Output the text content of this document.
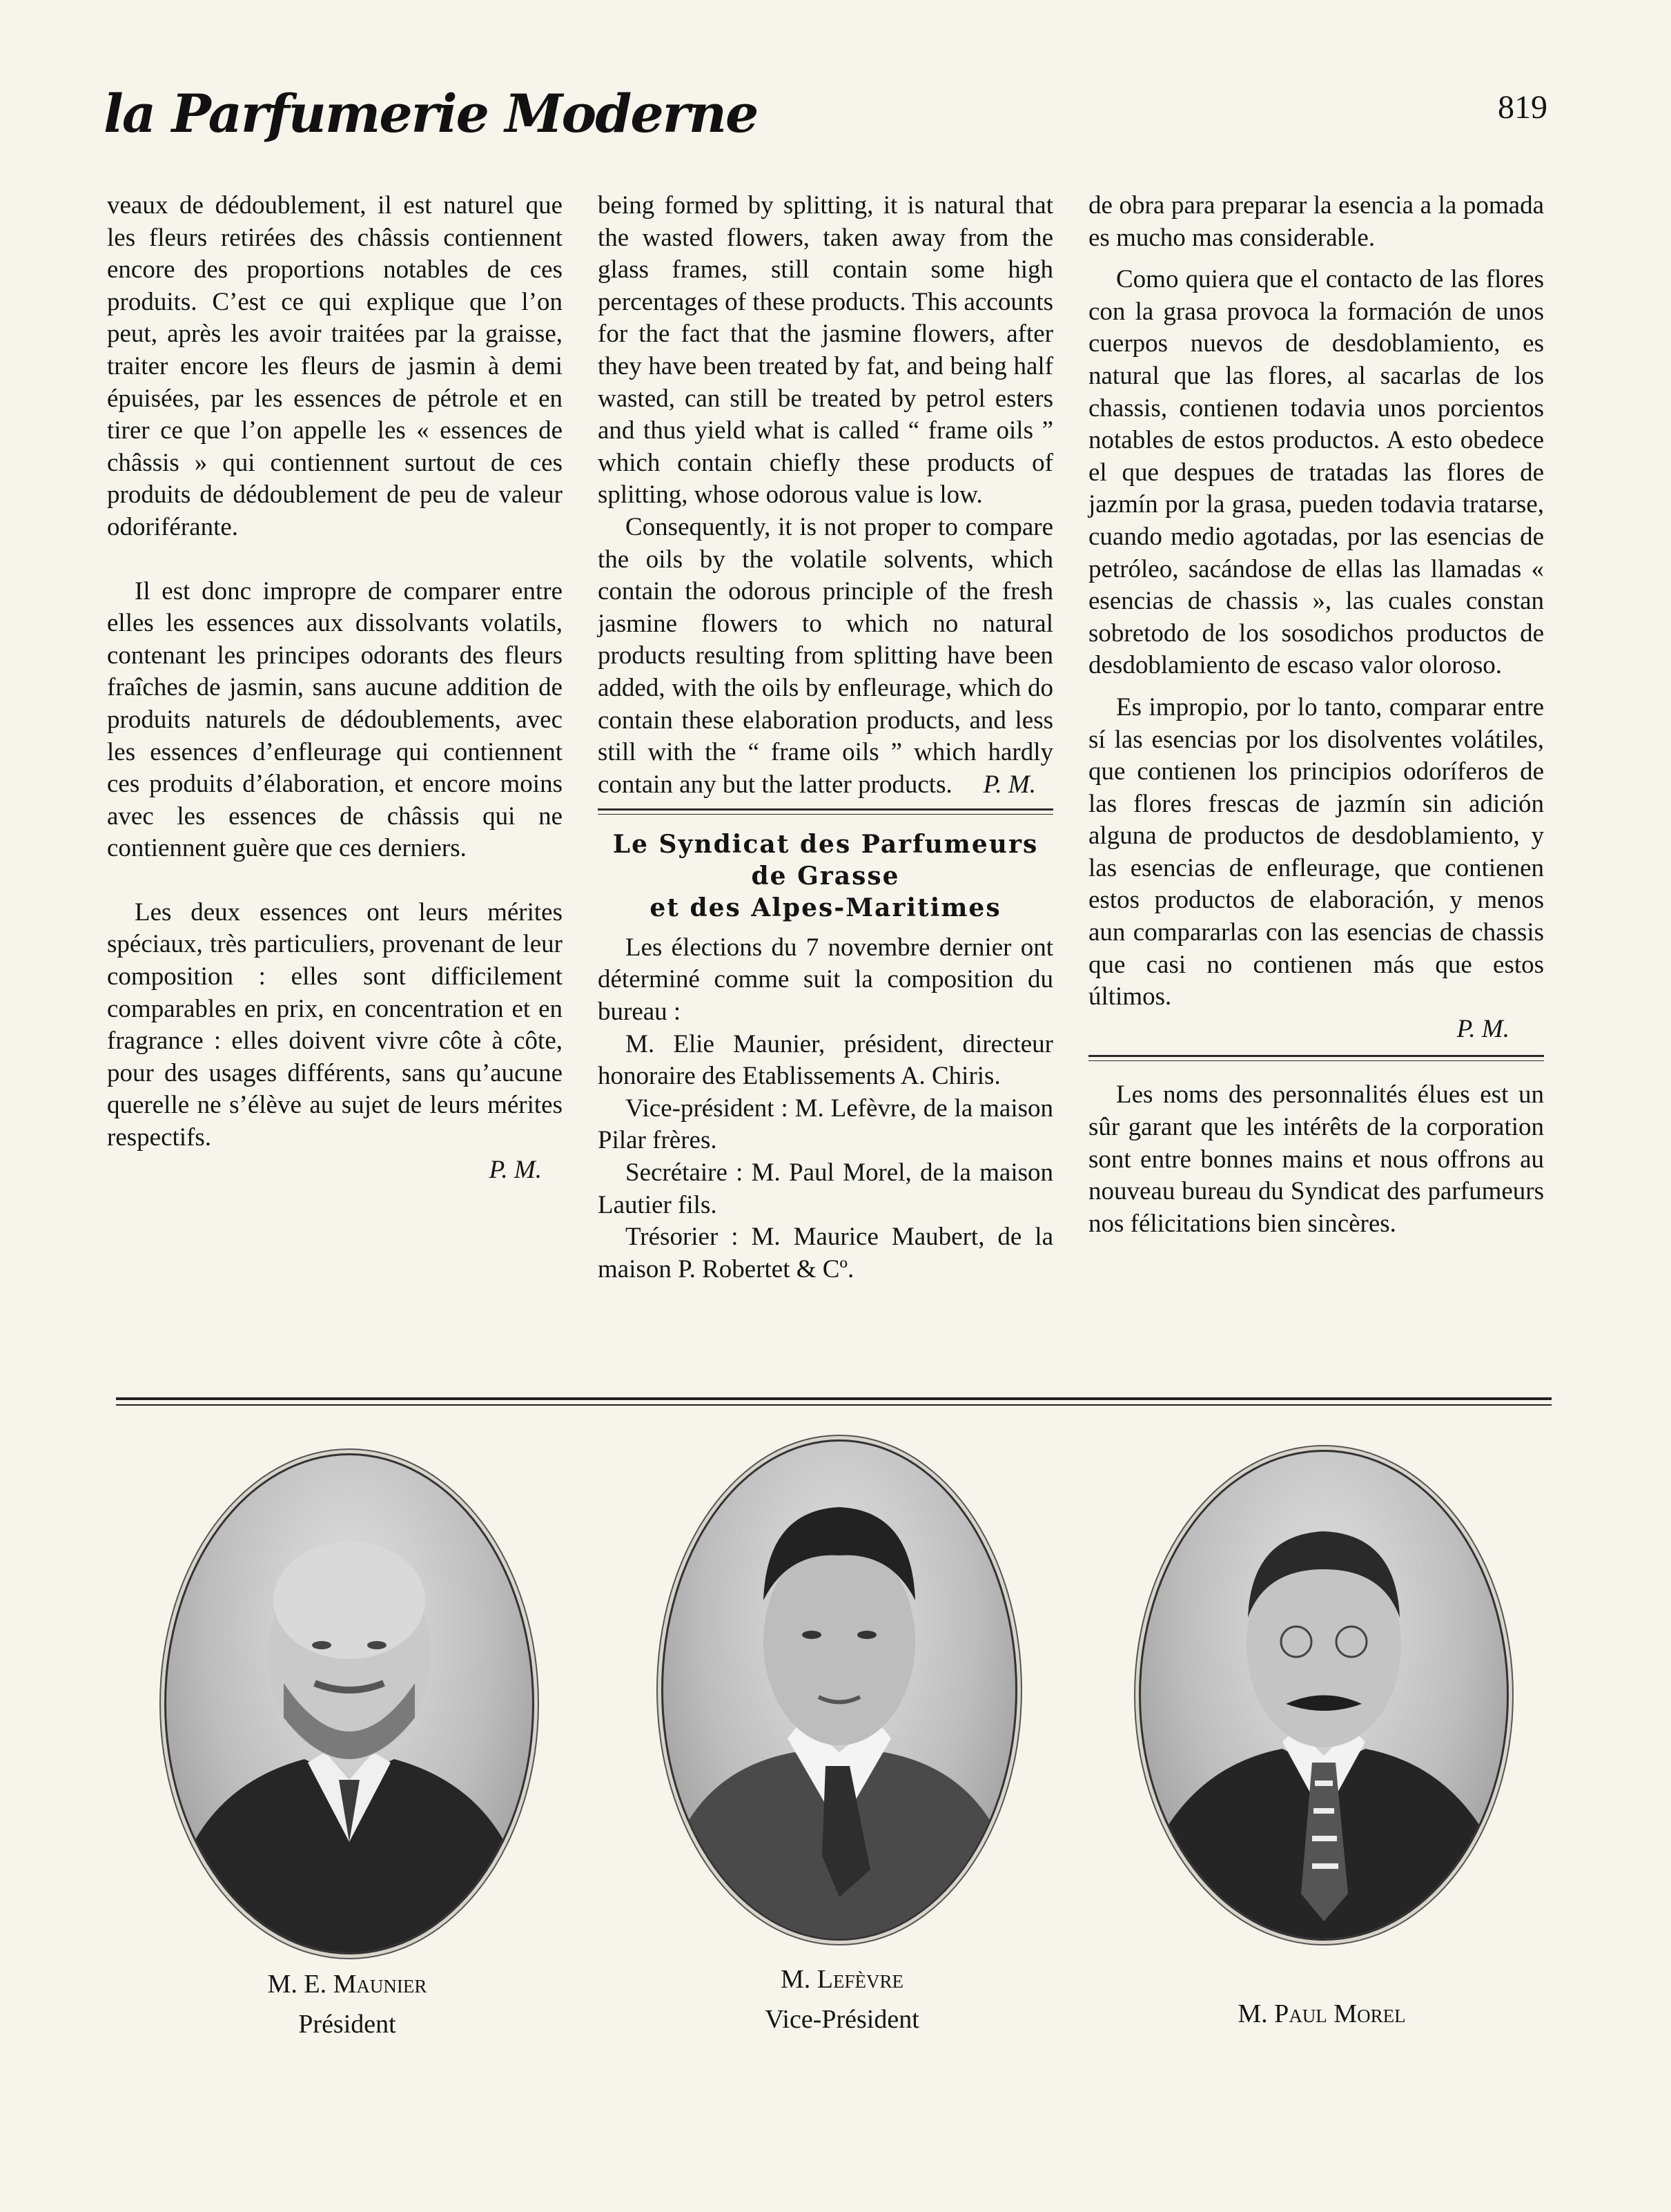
la Parfumerie Moderne	819

veaux de dédoublement, il est naturel que les fleurs retirées des châssis contiennent encore des proportions notables de ces produits. C’est ce qui explique que l’on peut, après les avoir traitées par la graisse, traiter encore les fleurs de jasmin à demi épuisées, par les essences de pétrole et en tirer ce que l’on appelle les « essences de châssis » qui contiennent surtout de ces produits de dédoublement de peu de valeur odoriférante.

Il est donc impropre de comparer entre elles les essences aux dissolvants volatils, contenant les principes odorants des fleurs fraîches de jasmin, sans aucune addition de produits naturels de dédoublements, avec les essences d’enfleurage qui contiennent ces produits d’élaboration, et encore moins avec les essences de châssis qui ne contiennent guère que ces derniers.

Les deux essences ont leurs mérites spéciaux, très particuliers, provenant de leur composition : elles sont difficilement comparables en prix, en concentration et en fragrance : elles doivent vivre côte à côte, pour des usages différents, sans qu’aucune querelle ne s’élève au sujet de leurs mérites respectifs.

P. M.

being formed by splitting, it is natural that the wasted flowers, taken away from the glass frames, still contain some high percentages of these products. This accounts for the fact that the jasmine flowers, after they have been treated by fat, and being half wasted, can still be treated by petrol esters and thus yield what is called “ frame oils ” which contain chiefly these products of splitting, whose odorous value is low.

Consequently, it is not proper to compare the oils by the volatile solvents, which contain the odorous principle of the fresh jasmine flowers to which no natural products resulting from splitting have been added, with the oils by enfleurage, which do contain these elaboration products, and less still with the “ frame oils ” which hardly contain any but the latter products.	P. M.

Le Syndicat des Parfumeurs
de Grasse
et des Alpes-Maritimes

Les élections du 7 novembre dernier ont déterminé comme suit la composition du bureau :

M. Elie Maunier, président, directeur honoraire des Etablissements A. Chiris.

Vice-président : M. Lefèvre, de la maison Pilar frères.

Secrétaire : M. Paul Morel, de la maison Lautier fils.

Trésorier : M. Maurice Maubert, de la maison P. Robertet & Cº.

de obra para preparar la esencia a la pomada es mucho mas considerable.

Como quiera que el contacto de las flores con la grasa provoca la formación de unos cuerpos nuevos de desdoblamiento, es natural que las flores, al sacarlas de los chassis, contienen todavia unos porcientos notables de estos productos. A esto obedece el que despues de tratadas las flores de jazmín por la grasa, pueden todavia tratarse, cuando medio agotadas, por las esencias de petróleo, sacándose de ellas las llamadas « esencias de chassis », las cuales constan sobretodo de los sosodichos productos de desdoblamiento de escaso valor oloroso.

Es impropio, por lo tanto, comparar entre sí las esencias por los disolventes volátiles, que contienen los principios odoríferos de las flores frescas de jazmín sin adición alguna de productos de desdoblamiento, y las esencias de enfleurage, que contienen estos productos de elaboración, y menos aun compararlas con las esencias de chassis que casi no contienen más que estos últimos.

P. M.

Les noms des personnalités élues est un sûr garant que les intérêts de la corporation sont entre bonnes mains et nous offrons au nouveau bureau du Syndicat des parfumeurs nos félicitations bien sincères.

M. E. Maunier
Président
M. Lefèvre
Vice-Président	M. Paul Morel
